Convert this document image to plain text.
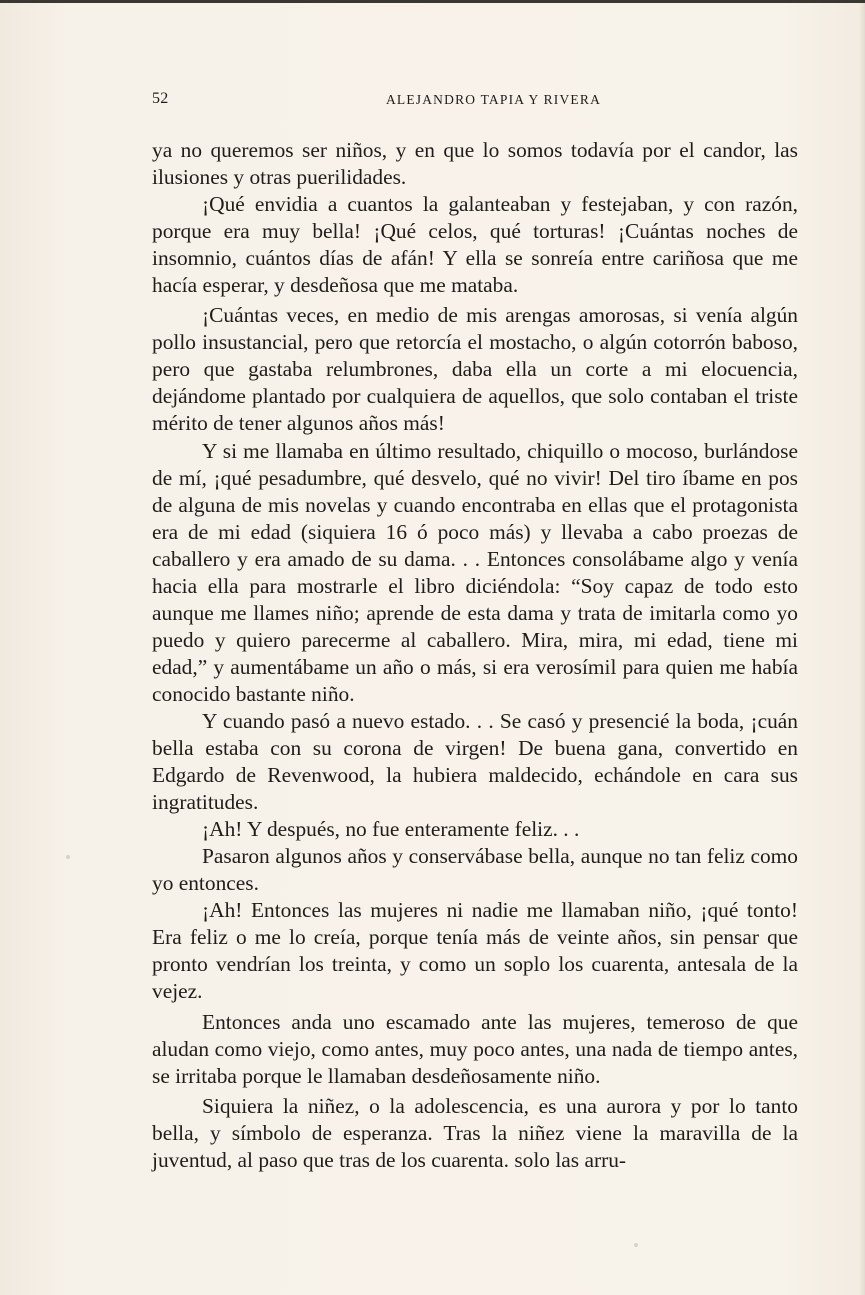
52	ALEJANDRO TAPIA Y RIVERA

ya no queremos ser niños, y en que lo somos todavía por el candor, las ilusiones y otras puerilidades.

¡Qué envidia a cuantos la galanteaban y festejaban, y con razón, porque era muy bella! ¡Qué celos, qué torturas! ¡Cuántas noches de insomnio, cuántos días de afán! Y ella se sonreía entre cariñosa que me hacía esperar, y desdeñosa que me mataba.

¡Cuántas veces, en medio de mis arengas amorosas, si venía algún pollo insustancial, pero que retorcía el mostacho, o algún cotorrón baboso, pero que gastaba relumbrones, daba ella un corte a mi elocuencia, dejándome plantado por cualquiera de aquellos, que solo contaban el triste mérito de tener algunos años más!

Y si me llamaba en último resultado, chiquillo o mocoso, burlándose de mí, ¡qué pesadumbre, qué desvelo, qué no vivir! Del tiro íbame en pos de alguna de mis novelas y cuando encontraba en ellas que el protagonista era de mi edad (siquiera 16 ó poco más) y llevaba a cabo proezas de caballero y era amado de su dama. . . Entonces consolábame algo y venía hacia ella para mostrarle el libro diciéndola: “Soy capaz de todo esto aunque me llames niño; aprende de esta dama y trata de imitarla como yo puedo y quiero parecerme al caballero. Mira, mira, mi edad, tiene mi edad,” y aumentábame un año o más, si era verosímil para quien me había conocido bastante niño.

Y cuando pasó a nuevo estado. . . Se casó y presencié la boda, ¡cuán bella estaba con su corona de virgen! De buena gana, convertido en Edgardo de Revenwood, la hubiera maldecido, echándole en cara sus ingratitudes.

¡Ah! Y después, no fue enteramente feliz. . .

Pasaron algunos años y conservábase bella, aunque no tan feliz como yo entonces.

¡Ah! Entonces las mujeres ni nadie me llamaban niño, ¡qué tonto! Era feliz o me lo creía, porque tenía más de veinte años, sin pensar que pronto vendrían los treinta, y como un soplo los cuarenta, antesala de la vejez.

Entonces anda uno escamado ante las mujeres, temeroso de que aludan como viejo, como antes, muy poco antes, una nada de tiempo antes, se irritaba porque le llamaban desdeñosamente niño.

Siquiera la niñez, o la adolescencia, es una aurora y por lo tanto bella, y símbolo de esperanza. Tras la niñez viene la maravilla de la juventud, al paso que tras de los cuarenta. solo las arru-
